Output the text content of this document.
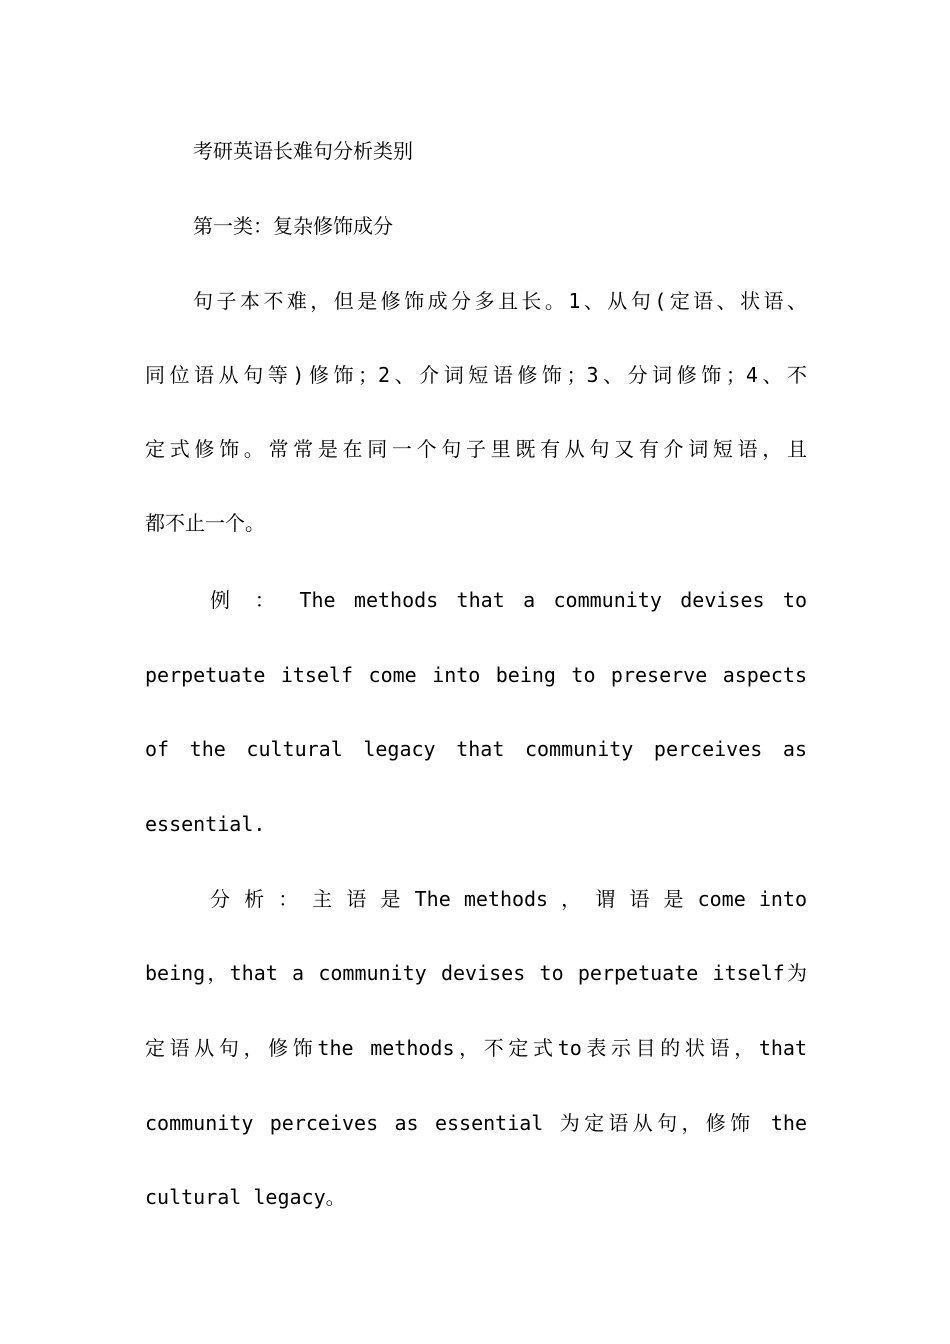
考研英语长难句分析类别
第一类：复杂修饰成分
句子本不难，但是修饰成分多且长。1、从句(定语、状语、
同位语从句等)修饰；2、介词短语修饰；3、分词修饰；4、不
定式修饰。常常是在同一个句子里既有从句又有介词短语，且
都不止一个。
例 ： The methods that a community devises to
perpetuate itself come into being to preserve aspects
of the cultural legacy that community perceives as
essential.
分 析 ： 主 语 是 The methods ， 谓 语 是 come into
being，that a community devises to perpetuate itself为
定语从句，修饰the methods，不定式to表示目的状语，that
community perceives as essential 为定语从句，修饰 the
cultural legacy。
